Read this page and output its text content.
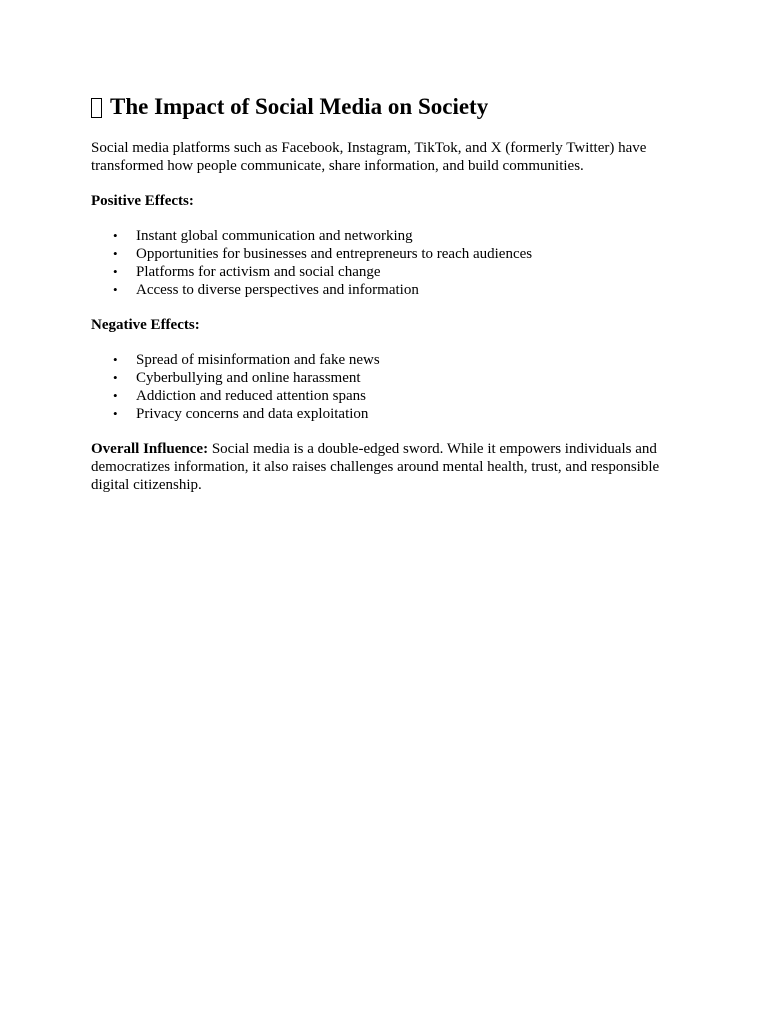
The Impact of Social Media on Society

Social media platforms such as Facebook, Instagram, TikTok, and X (formerly Twitter) have transformed how people communicate, share information, and build communities.

Positive Effects:

• Instant global communication and networking
• Opportunities for businesses and entrepreneurs to reach audiences
• Platforms for activism and social change
• Access to diverse perspectives and information

Negative Effects:

• Spread of misinformation and fake news
• Cyberbullying and online harassment
• Addiction and reduced attention spans
• Privacy concerns and data exploitation

Overall Influence: Social media is a double-edged sword. While it empowers individuals and democratizes information, it also raises challenges around mental health, trust, and responsible digital citizenship.
